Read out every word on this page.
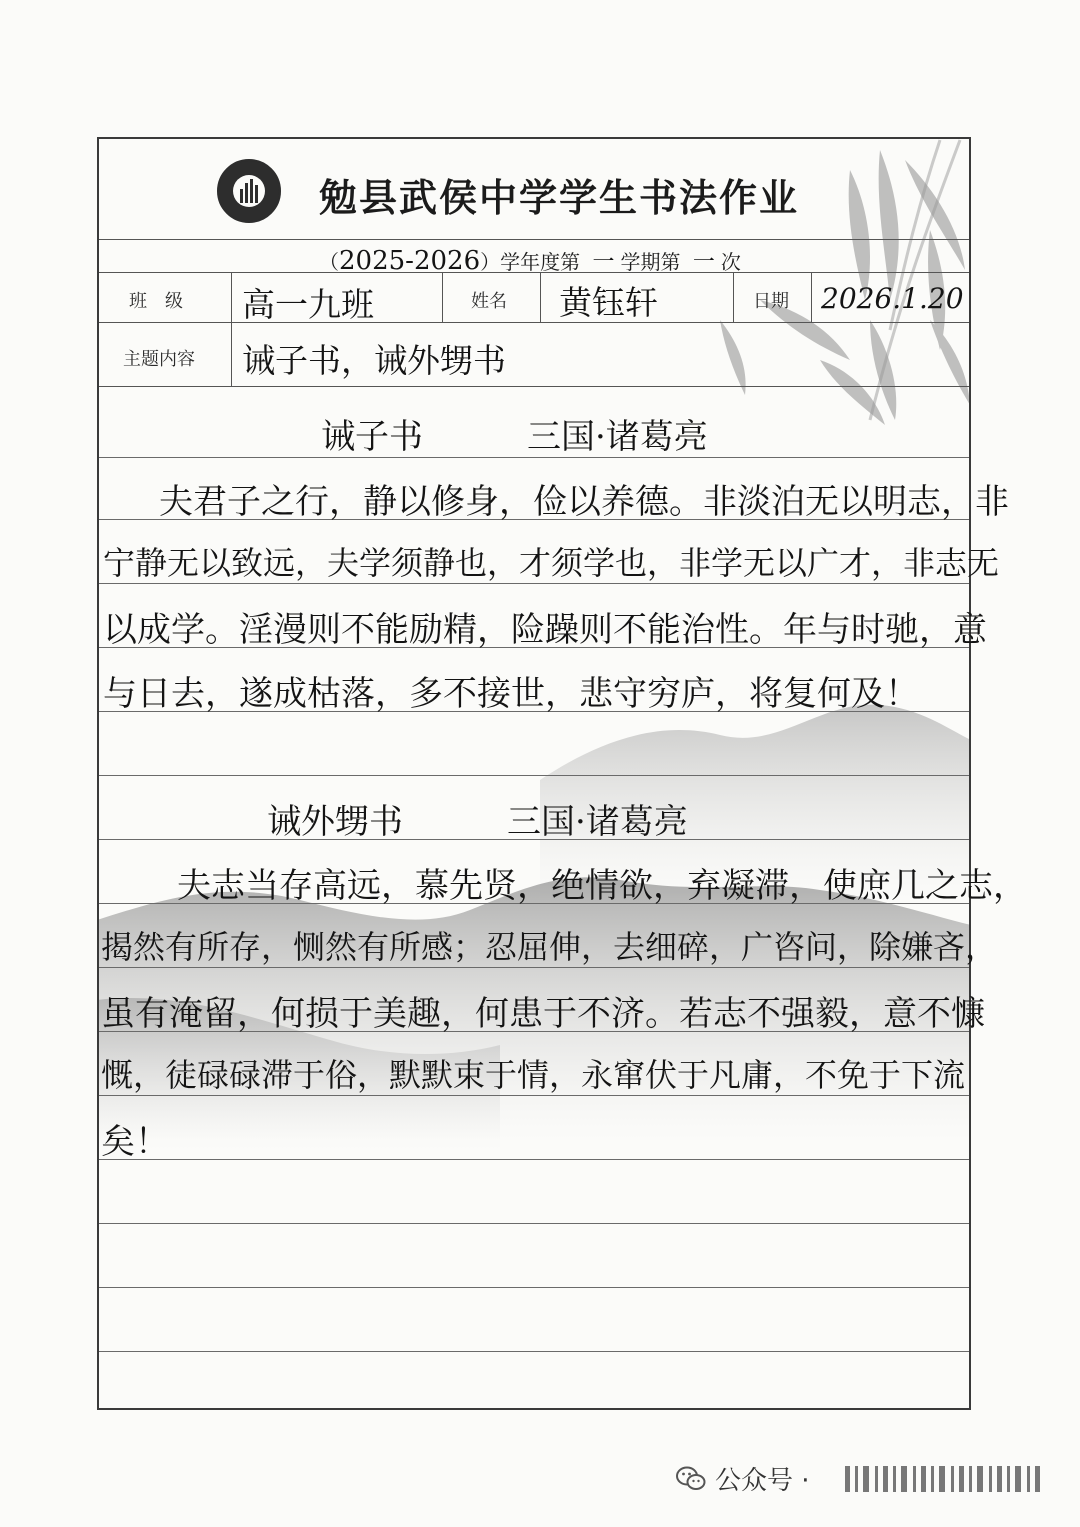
勉县武侯中学学生书法作业
（2025-2026）学年度第 一 学期第 一 次
班　级 高一九班	姓名 黄钰轩	日期 2026.1.20
主题内容 诫子书，诫外甥书
诫子书	三国·诸葛亮
夫君子之行，静以修身，俭以养德。非淡泊无以明志，非
宁静无以致远，夫学须静也，才须学也，非学无以广才，非志无
以成学。淫漫则不能励精，险躁则不能治性。年与时驰，意
与日去，遂成枯落，多不接世，悲守穷庐，将复何及！
诫外甥书	三国·诸葛亮
夫志当存高远，慕先贤，绝情欲，弃凝滞，使庶几之志，
揭然有所存，恻然有所感；忍屈伸，去细碎，广咨问，除嫌吝，
虽有淹留，何损于美趣，何患于不济。若志不强毅，意不慷
慨，徒碌碌滞于俗，默默束于情，永窜伏于凡庸，不免于下流
矣！
公众号 ·
